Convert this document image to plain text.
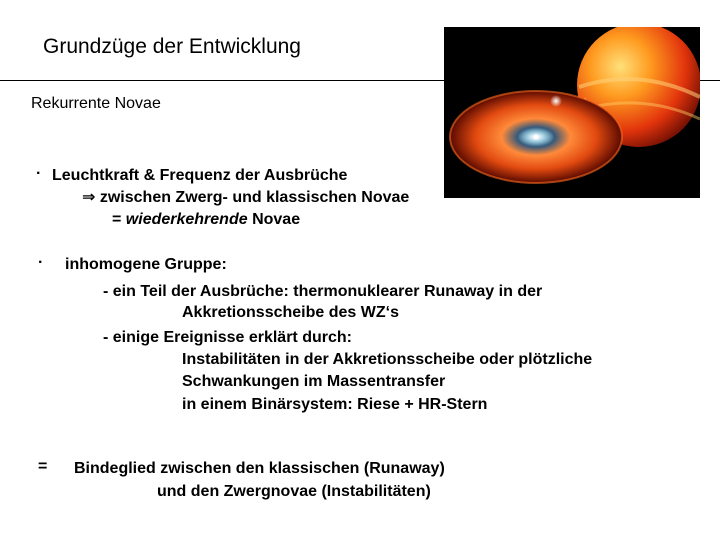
Grundzüge der Entwicklung
Rekurrente Novae
· Leuchtkraft & Frequenz der Ausbrüche
⇒ zwischen Zwerg- und klassischen Novae
= wiederkehrende Novae
· inhomogene Gruppe:
- ein Teil der Ausbrüche: thermonuklearer Runaway in der
Akkretionsscheibe des WZ‘s
- einige Ereignisse erklärt durch:
Instabilitäten in der Akkretionsscheibe oder plötzliche
Schwankungen im Massentransfer
in einem Binärsystem: Riese + HR-Stern
= Bindeglied zwischen den klassischen (Runaway)
und den Zwergnovae (Instabilitäten)
